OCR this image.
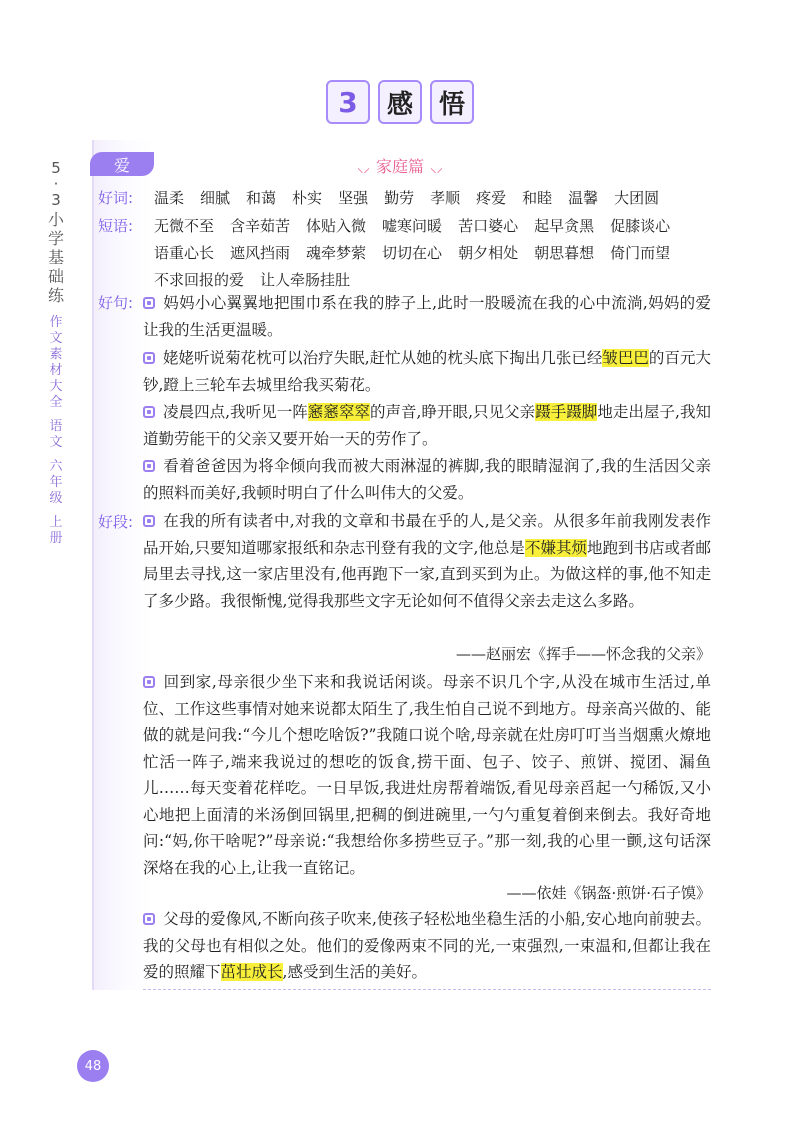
3	感 悟
5
·
3
小
学
基
础
练
作
文
素
材
大
全
语
文
六
年
级
上
册
爱	⸜⸝ 家庭篇 ⸜⸝
好词:
短语:
好句:
好段:
温柔 细腻 和蔼 朴实 坚强 勤劳 孝顺 疼爱 和睦 温馨 大团圆
无微不至 含辛茹苦 体贴入微 嘘寒问暖 苦口婆心 起早贪黑 促膝谈心
语重心长 遮风挡雨 魂牵梦萦 切切在心 朝夕相处 朝思暮想 倚门而望
不求回报的爱 让人牵肠挂肚
妈妈小心翼翼地把围巾系在我的脖子上,此时一股暖流在我的心中流淌,妈妈的爱让我的生活更温暖。
姥姥听说菊花枕可以治疗失眠,赶忙从她的枕头底下掏出几张已经皱巴巴的百元大钞,蹬上三轮车去城里给我买菊花。
凌晨四点,我听见一阵窸窸窣窣的声音,睁开眼,只见父亲蹑手蹑脚地走出屋子,我知道勤劳能干的父亲又要开始一天的劳作了。
看着爸爸因为将伞倾向我而被大雨淋湿的裤脚,我的眼睛湿润了,我的生活因父亲的照料而美好,我顿时明白了什么叫伟大的父爱。
在我的所有读者中,对我的文章和书最在乎的人,是父亲。从很多年前我刚发表作品开始,只要知道哪家报纸和杂志刊登有我的文字,他总是不嫌其烦地跑到书店或者邮局里去寻找,这一家店里没有,他再跑下一家,直到买到为止。为做这样的事,他不知走了多少路。我很惭愧,觉得我那些文字无论如何不值得父亲去走这么多路。
——赵丽宏《挥手——怀念我的父亲》
回到家,母亲很少坐下来和我说话闲谈。母亲不识几个字,从没在城市生活过,单位、工作这些事情对她来说都太陌生了,我生怕自己说不到地方。母亲高兴做的、能做的就是问我:“今儿个想吃啥饭?”我随口说个啥,母亲就在灶房叮叮当当烟熏火燎地忙活一阵子,端来我说过的想吃的饭食,捞干面、包子、饺子、煎饼、搅团、漏鱼儿……每天变着花样吃。一日早饭,我进灶房帮着端饭,看见母亲舀起一勺稀饭,又小心地把上面清的米汤倒回锅里,把稠的倒进碗里,一勺勺重复着倒来倒去。我好奇地问:“妈,你干啥呢?”母亲说:“我想给你多捞些豆子。”那一刻,我的心里一颤,这句话深深烙在我的心上,让我一直铭记。
——依娃《锅盔·煎饼·石子馍》
父母的爱像风,不断向孩子吹来,使孩子轻松地坐稳生活的小船,安心地向前驶去。我的父母也有相似之处。他们的爱像两束不同的光,一束强烈,一束温和,但都让我在爱的照耀下茁壮成长,感受到生活的美好。
48
